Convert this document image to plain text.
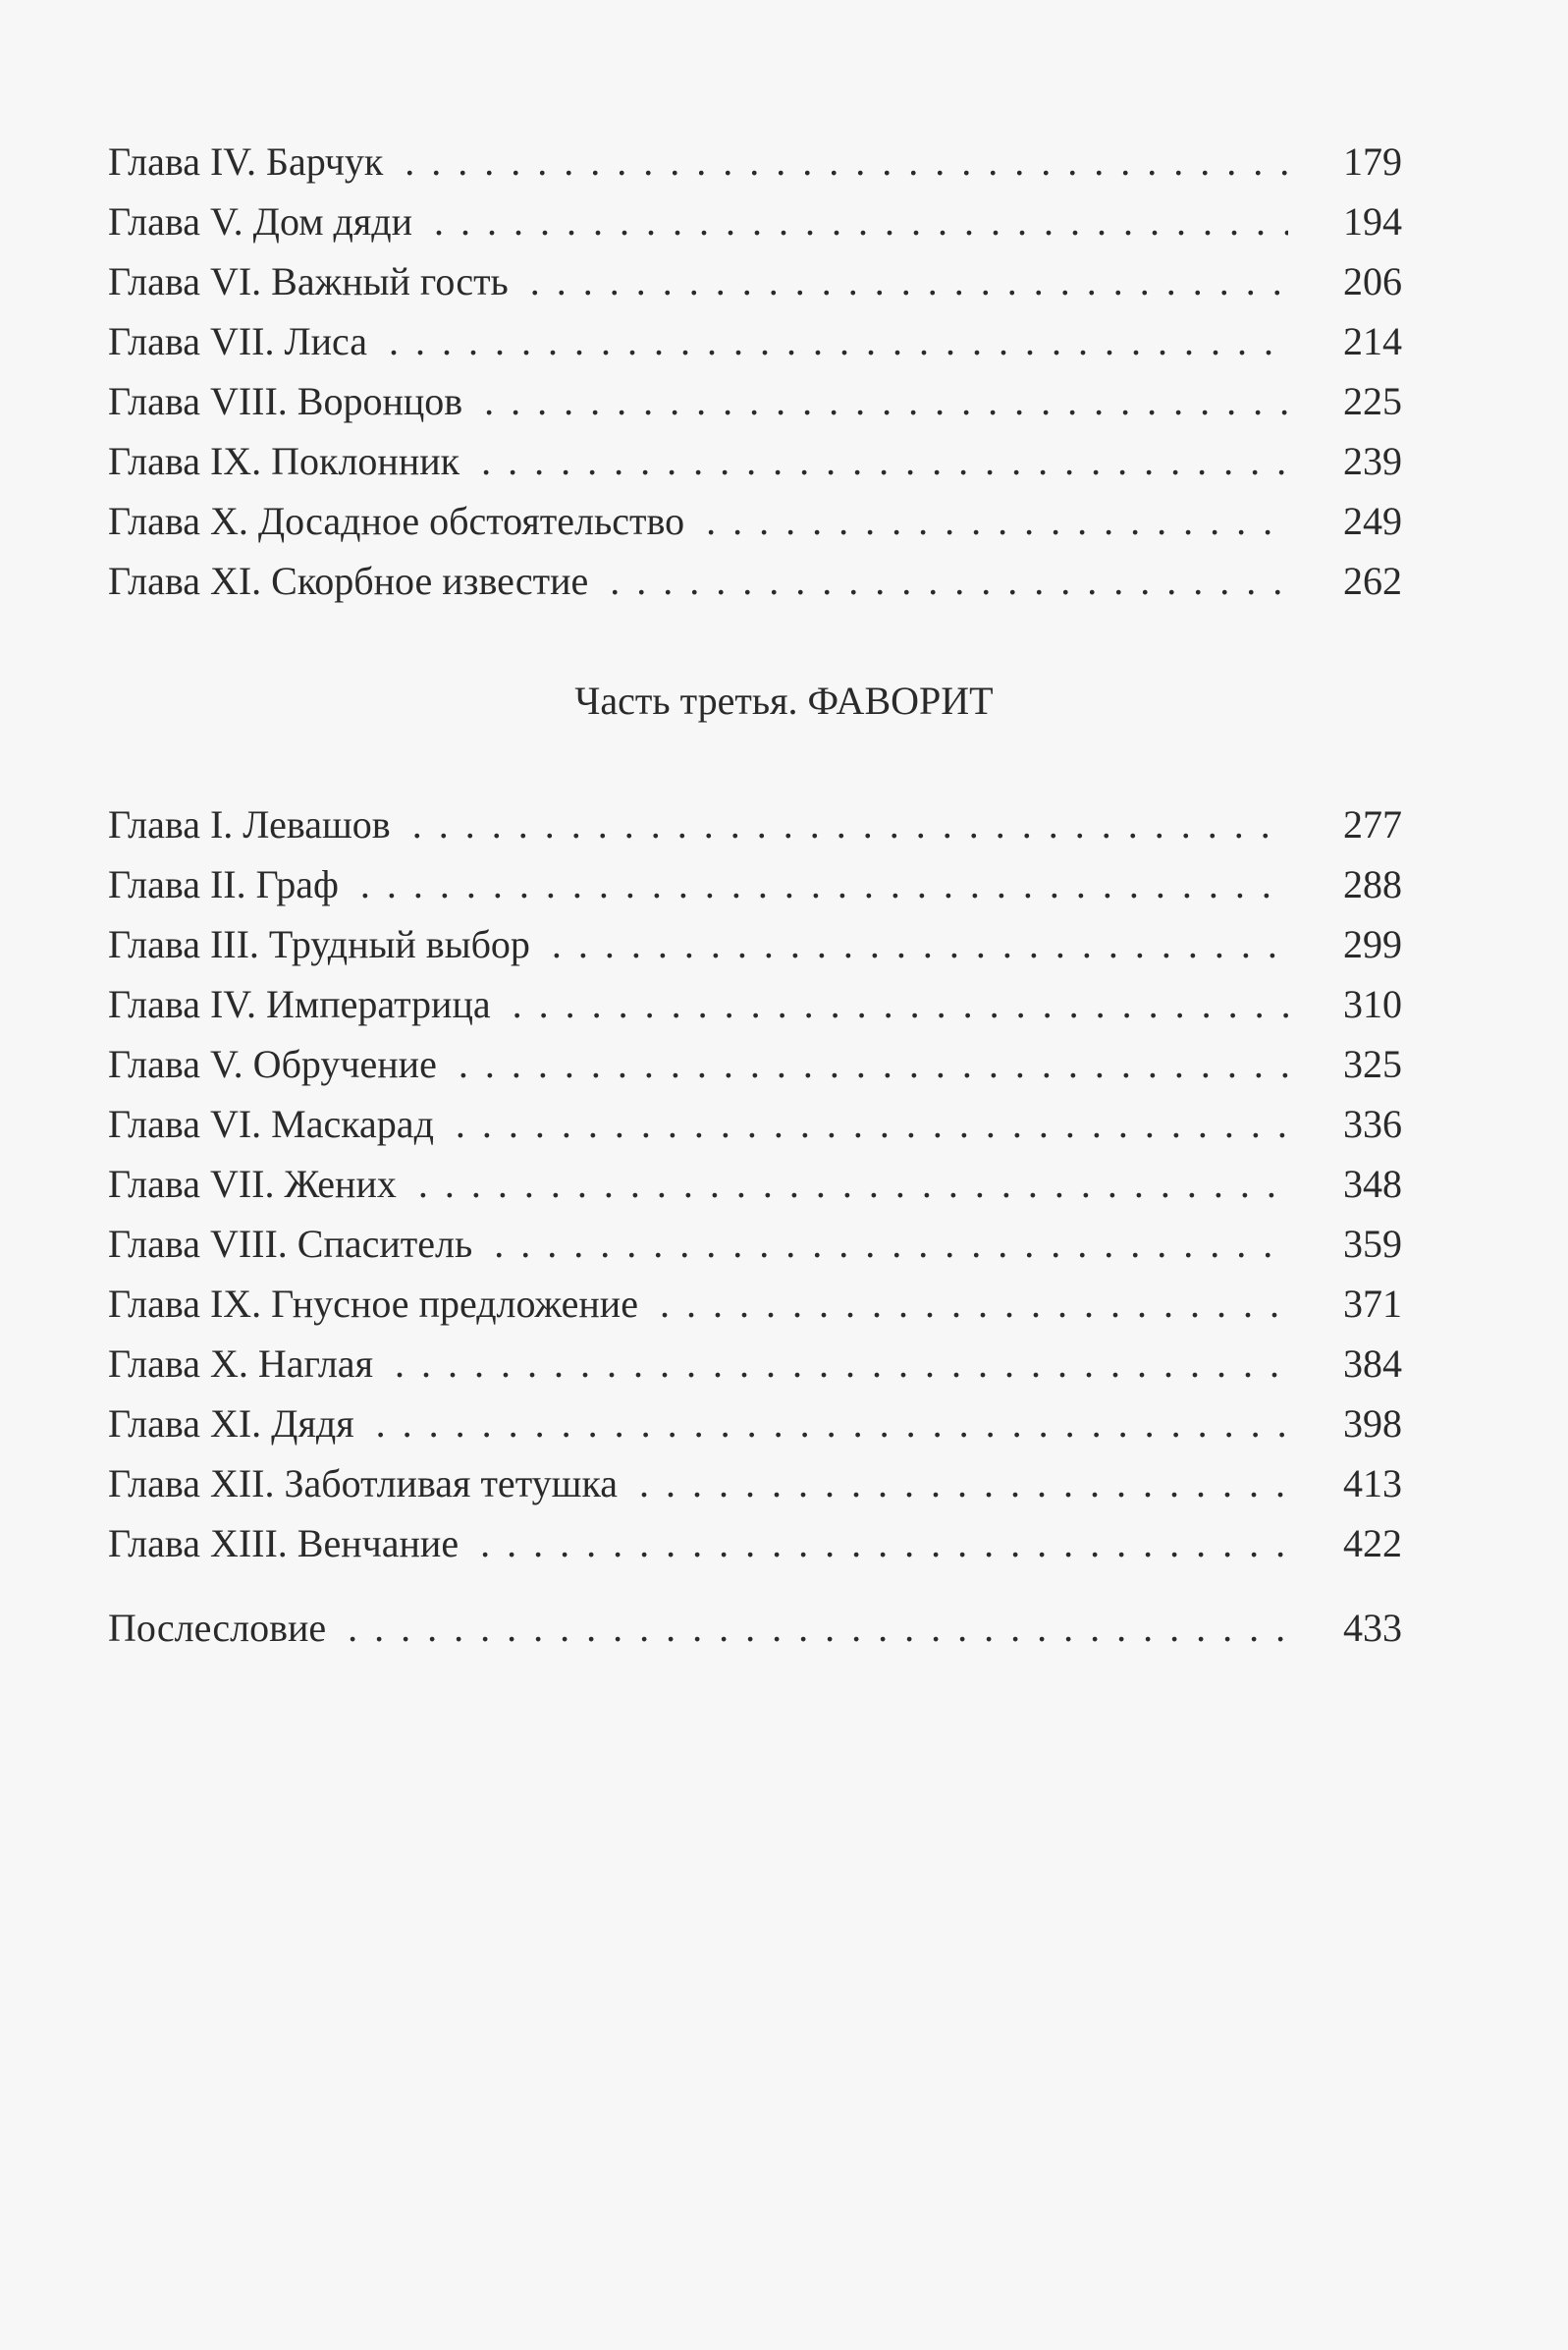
Глава IV. Барчук . . .	179
Глава V. Дом дяди . . .	194
Глава VI. Важный гость . . .	206
Глава VII. Лиса . . .	214
Глава VIII. Воронцов . . .	225
Глава IX. Поклонник . . .	239
Глава X. Досадное обстоятельство . . .	249
Глава XI. Скорбное известие . . .	262
Глава I. Левашов . . .	277
Глава II. Граф . . .	288
Глава III. Трудный выбор . . .	299
Глава IV. Императрица . . .	310
Глава V. Обручение . . .	325
Глава VI. Маскарад . . .	336
Глава VII. Жених . . .	348
Глава VIII. Спаситель . . .	359
Глава IX. Гнусное предложение . . .	371
Глава X. Наглая . . .	384
Глава XI. Дядя . . .	398
Глава XII. Заботливая тетушка . . .	413
Глава XIII. Венчание . . .	422
Послесловие . . .	433
Часть третья. ФАВОРИТ
